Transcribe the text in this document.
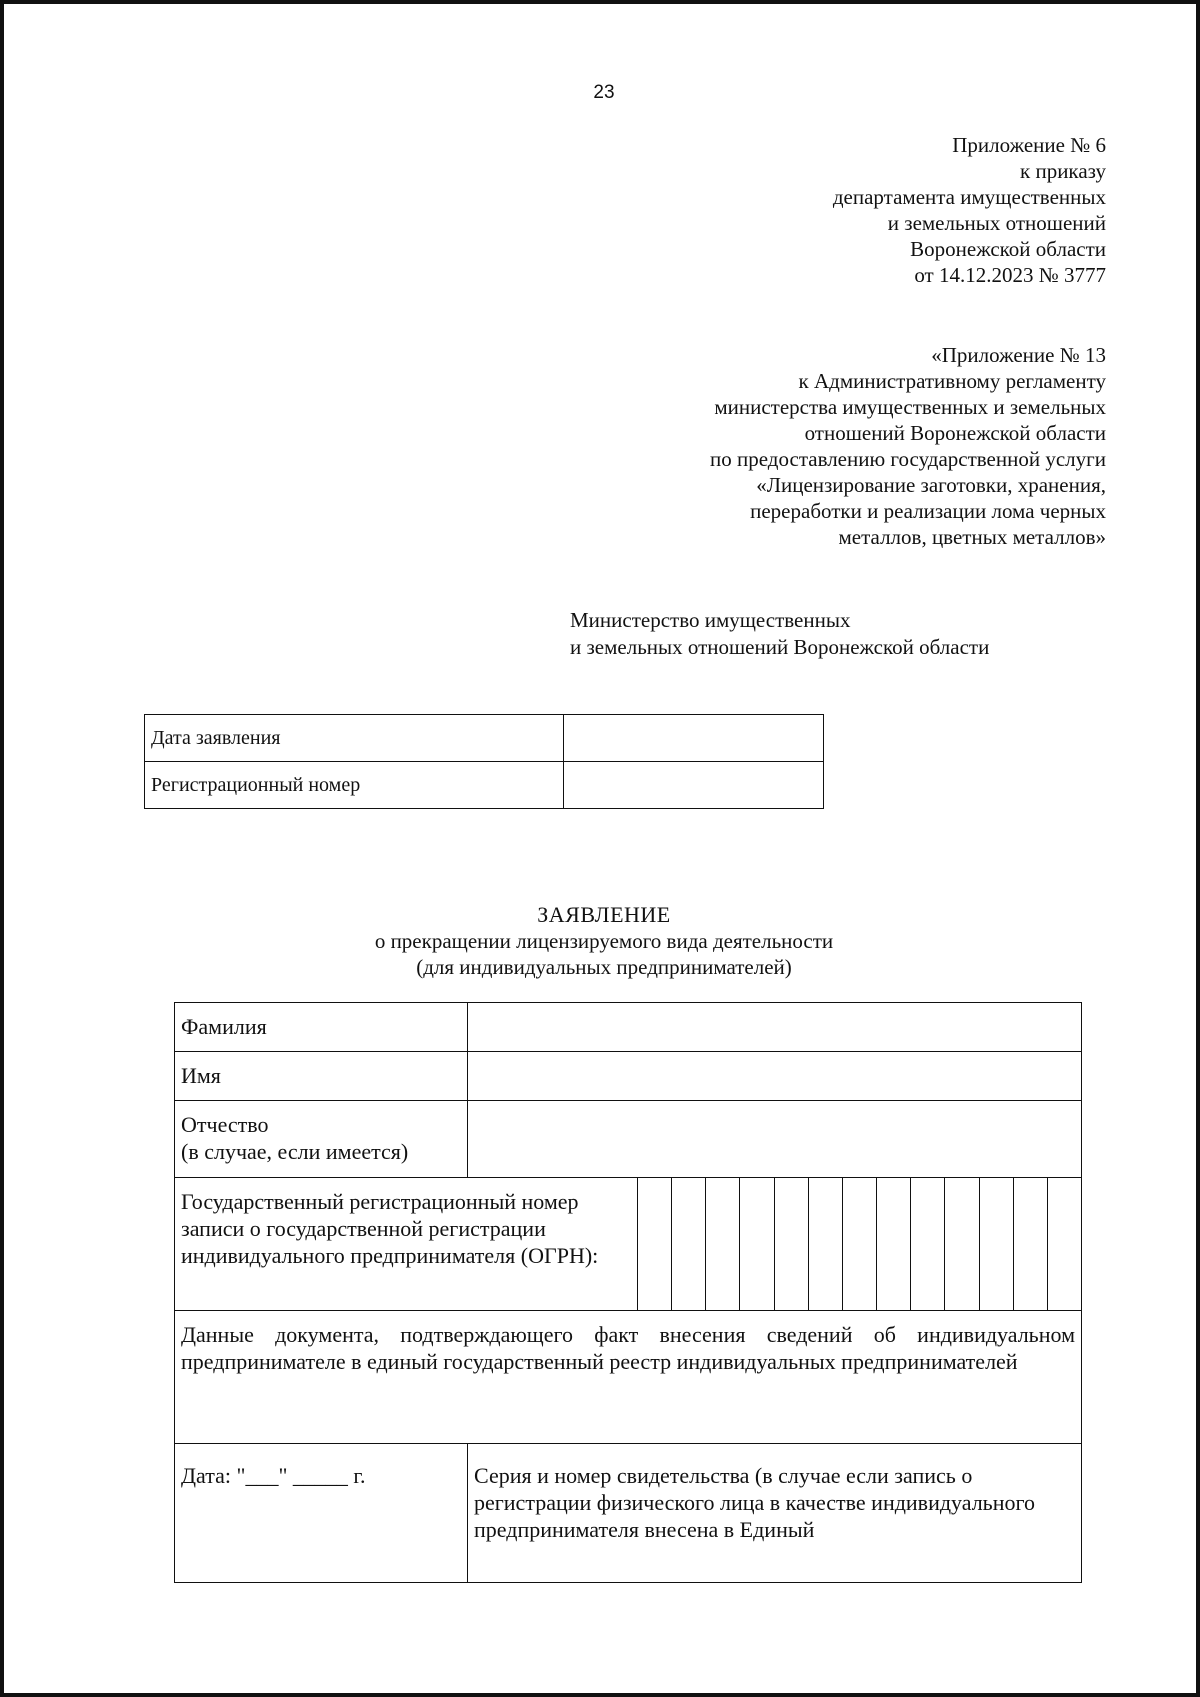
23
Приложение № 6
к приказу
департамента имущественных
и земельных отношений
Воронежской области
от 14.12.2023 № 3777
«Приложение № 13
к Административному регламенту
министерства имущественных и земельных
отношений Воронежской области
по предоставлению государственной услуги
«Лицензирование заготовки, хранения,
переработки и реализации лома черных
металлов, цветных металлов»
Министерство имущественных
и земельных отношений Воронежской области
Дата заявления	
Регистрационный номер	
ЗАЯВЛЕНИЕ
о прекращении лицензируемого вида деятельности
(для индивидуальных предпринимателей)
Фамилия		
Имя		

Отчество
(в случае, если имеется)		

Государственный регистрационный номер записи о государственной регистрации индивидуального предпринимателя (ОГРН):		

Данные документа, подтверждающего факт внесения сведений об индивидуальном предпринимателе в единый государственный реестр индивидуальных предпринимателей		
Дата: "___" _____ г.	Серия и номер свидетельства (в случае если запись о регистрации физического лица в качестве индивидуального предпринимателя внесена в Единый	
